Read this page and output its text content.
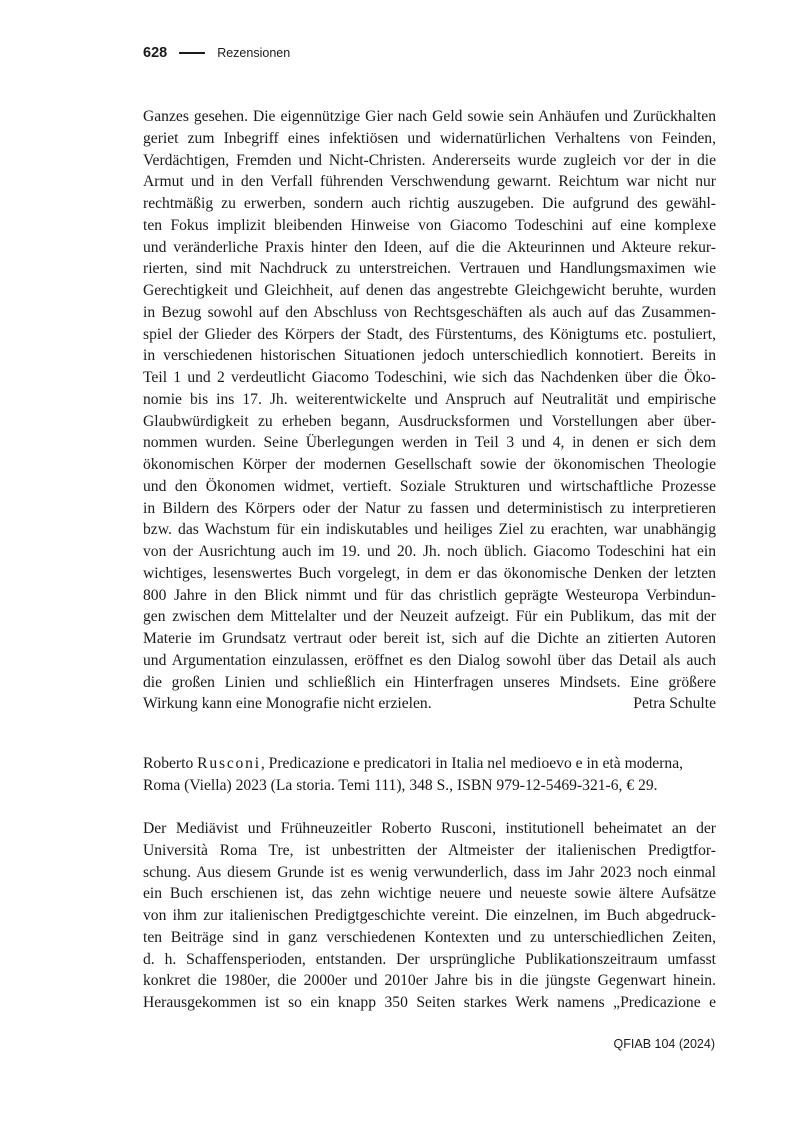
628	Rezensionen
Ganzes gesehen. Die eigennützige Gier nach Geld sowie sein Anhäufen und Zurückhalten
geriet zum Inbegriff eines infektiösen und widernatürlichen Verhaltens von Feinden,
Verdächtigen, Fremden und Nicht-Christen. Andererseits wurde zugleich vor der in die
Armut und in den Verfall führenden Verschwendung gewarnt. Reichtum war nicht nur
rechtmäßig zu erwerben, sondern auch richtig auszugeben. Die aufgrund des gewähl-
ten Fokus implizit bleibenden Hinweise von Giacomo Todeschini auf eine komplexe
und veränderliche Praxis hinter den Ideen, auf die die Akteurinnen und Akteure rekur-
rierten, sind mit Nachdruck zu unterstreichen. Vertrauen und Handlungsmaximen wie
Gerechtigkeit und Gleichheit, auf denen das angestrebte Gleichgewicht beruhte, wurden
in Bezug sowohl auf den Abschluss von Rechtsgeschäften als auch auf das Zusammen-
spiel der Glieder des Körpers der Stadt, des Fürstentums, des Königtums etc. postuliert,
in verschiedenen historischen Situationen jedoch unterschiedlich konnotiert. Bereits in
Teil 1 und 2 verdeutlicht Giacomo Todeschini, wie sich das Nachdenken über die Öko-
nomie bis ins 17. Jh. weiterentwickelte und Anspruch auf Neutralität und empirische
Glaubwürdigkeit zu erheben begann, Ausdrucksformen und Vorstellungen aber über-
nommen wurden. Seine Überlegungen werden in Teil 3 und 4, in denen er sich dem
ökonomischen Körper der modernen Gesellschaft sowie der ökonomischen Theologie
und den Ökonomen widmet, vertieft. Soziale Strukturen und wirtschaftliche Prozesse
in Bildern des Körpers oder der Natur zu fassen und deterministisch zu interpretieren
bzw. das Wachstum für ein indiskutables und heiliges Ziel zu erachten, war unabhängig
von der Ausrichtung auch im 19. und 20. Jh. noch üblich. Giacomo Todeschini hat ein
wichtiges, lesenswertes Buch vorgelegt, in dem er das ökonomische Denken der letzten
800 Jahre in den Blick nimmt und für das christlich geprägte Westeuropa Verbindun-
gen zwischen dem Mittelalter und der Neuzeit aufzeigt. Für ein Publikum, das mit der
Materie im Grundsatz vertraut oder bereit ist, sich auf die Dichte an zitierten Autoren
und Argumentation einzulassen, eröffnet es den Dialog sowohl über das Detail als auch
die großen Linien und schließlich ein Hinterfragen unseres Mindsets. Eine größere
Wirkung kann eine Monografie nicht erzielen.	Petra Schulte
Roberto Rusconi, Predicazione e predicatori in Italia nel medioevo e in età moderna,
Roma (Viella) 2023 (La storia. Temi 111), 348 S., ISBN 979-12-5469-321-6, € 29.
Der Mediävist und Frühneuzeitler Roberto Rusconi, institutionell beheimatet an der
Università Roma Tre, ist unbestritten der Altmeister der italienischen Predigtfor-
schung. Aus diesem Grunde ist es wenig verwunderlich, dass im Jahr 2023 noch einmal
ein Buch erschienen ist, das zehn wichtige neuere und neueste sowie ältere Aufsätze
von ihm zur italienischen Predigtgeschichte vereint. Die einzelnen, im Buch abgedruck-
ten Beiträge sind in ganz verschiedenen Kontexten und zu unterschiedlichen Zeiten,
d. h. Schaffensperioden, entstanden. Der ursprüngliche Publikationszeitraum umfasst
konkret die 1980er, die 2000er und 2010er Jahre bis in die jüngste Gegenwart hinein.
Herausgekommen ist so ein knapp 350 Seiten starkes Werk namens „Predicazione e
QFIAB 104 (2024)
